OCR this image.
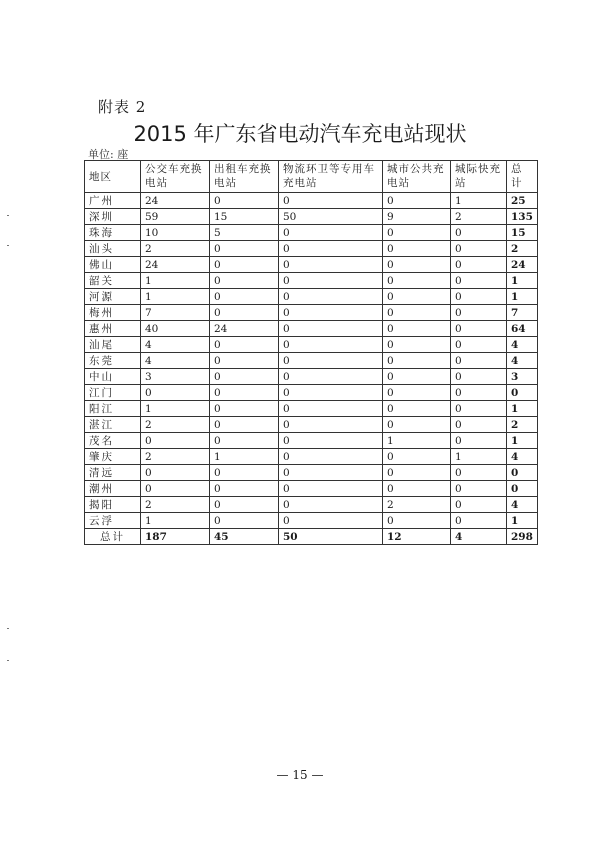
附表 2
2015 年广东省电动汽车充电站现状
单位: 座
地区	公交车充换电站	出租车充换电站	物流环卫等专用车充电站	城市公共充电站	城际快充站	总计
广州	24	0	0	0	1	25
深圳	59	15	50	9	2	135
珠海	10	5	0	0	0	15
汕头	2	0	0	0	0	2
佛山	24	0	0	0	0	24
韶关	1	0	0	0	0	1
河源	1	0	0	0	0	1
梅州	7	0	0	0	0	7
惠州	40	24	0	0	0	64
汕尾	4	0	0	0	0	4
东莞	4	0	0	0	0	4
中山	3	0	0	0	0	3
江门	0	0	0	0	0	0
阳江	1	0	0	0	0	1
湛江	2	0	0	0	0	2
茂名	0	0	0	1	0	1
肇庆	2	1	0	0	1	4
清远	0	0	0	0	0	0
潮州	0	0	0	0	0	0
揭阳	2	0	0	2	0	4
云浮	1	0	0	0	0	1
总计	187	45	50	12	4	298
— 15 —
